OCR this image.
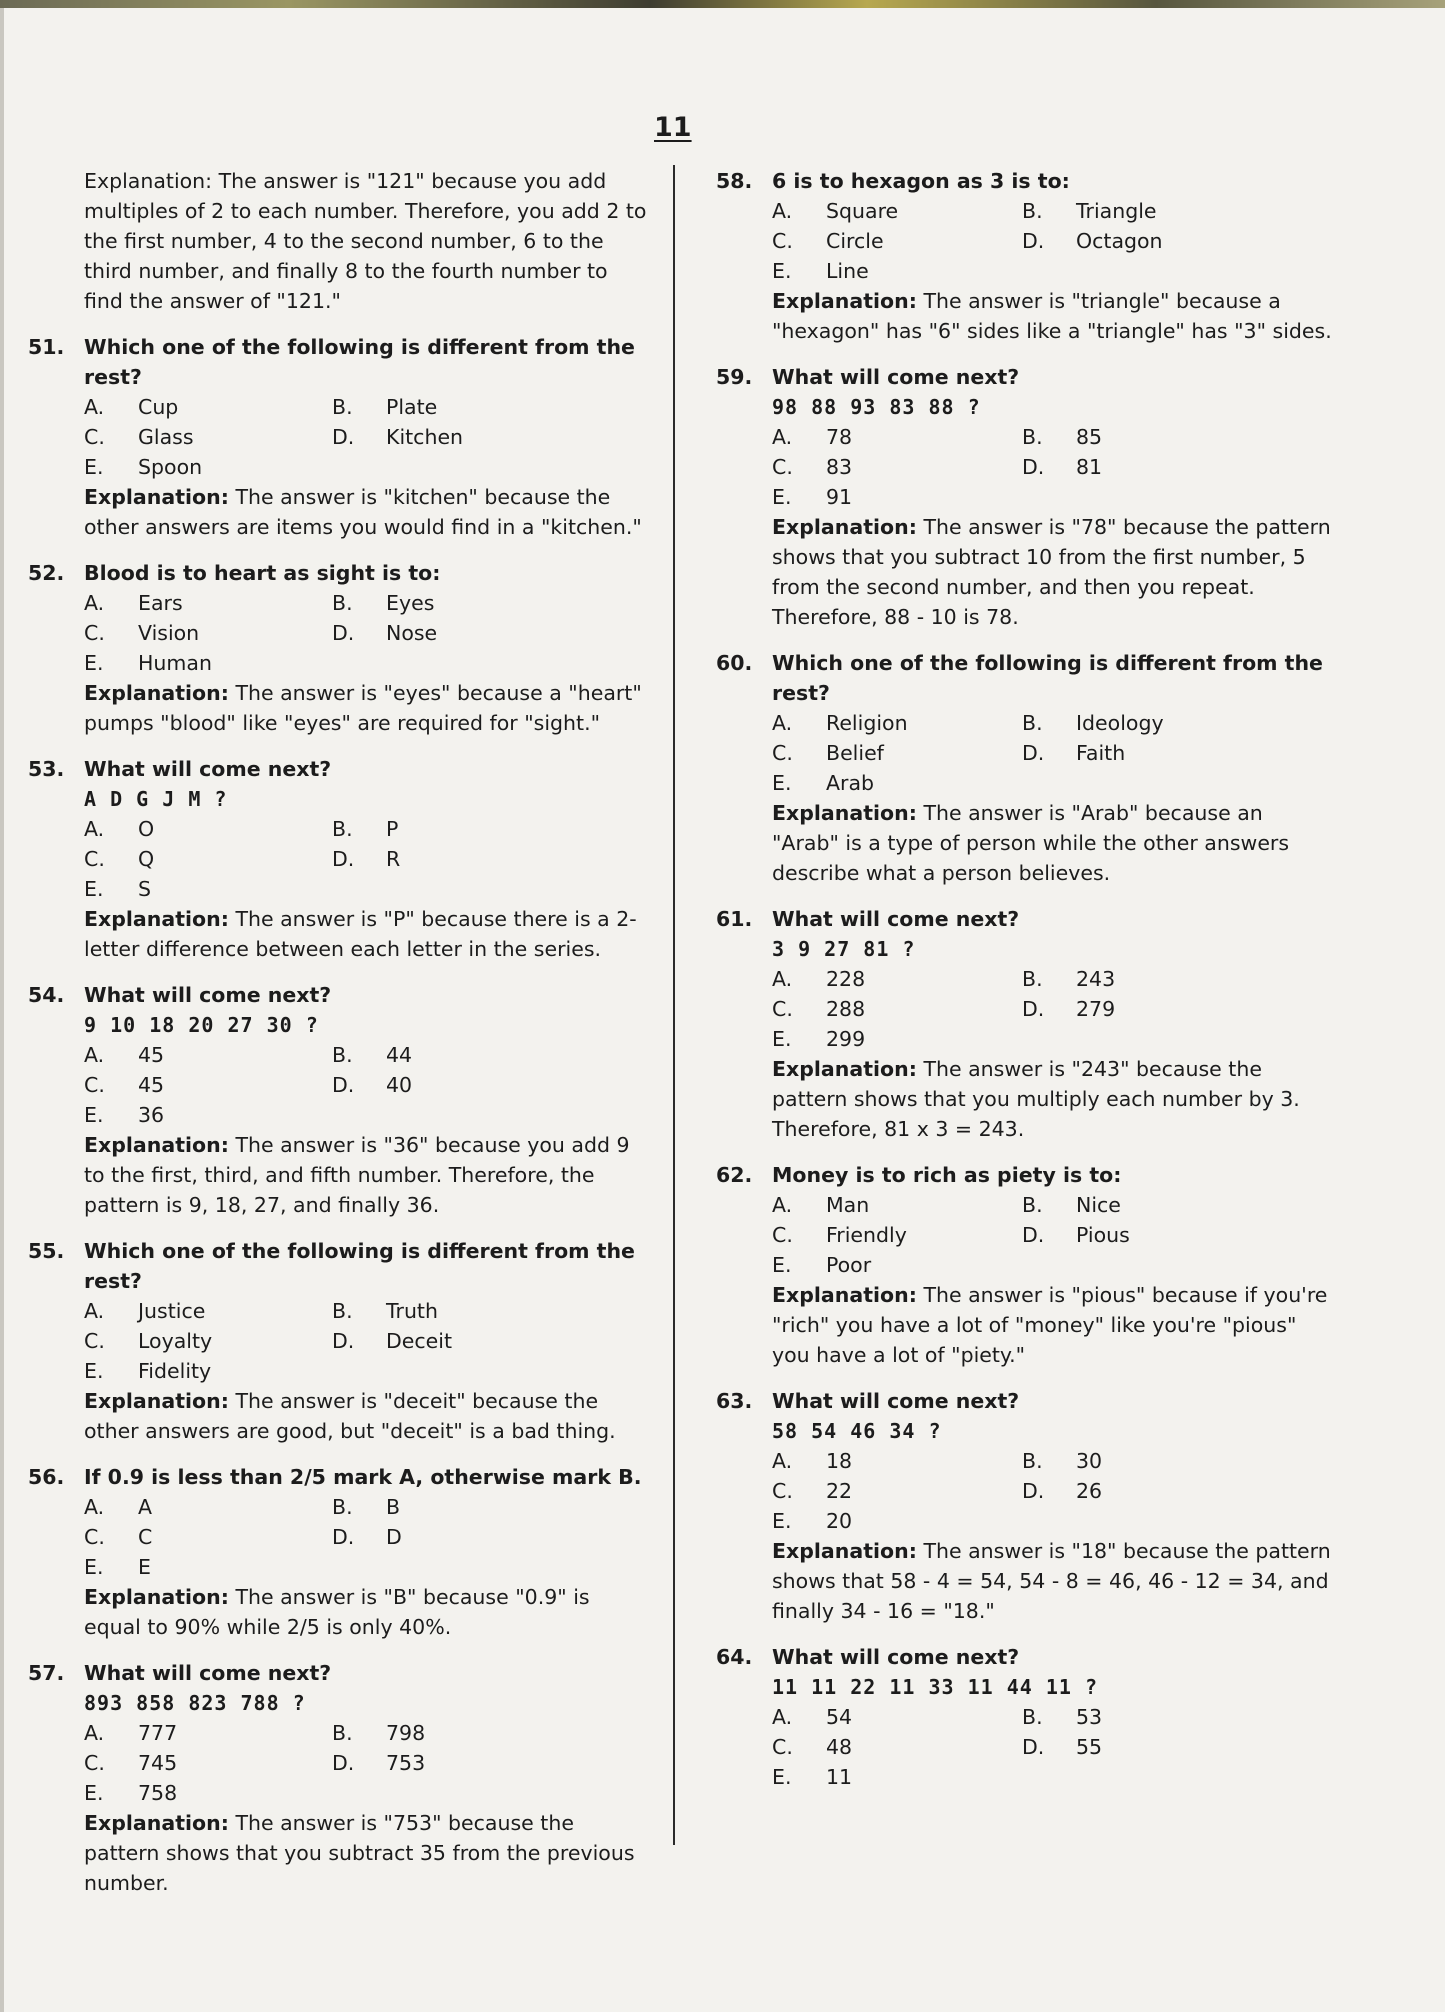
11

Explanation: The answer is "121" because you add multiples of 2 to each number. Therefore, you add 2 to the first number, 4 to the second number, 6 to the third number, and finally 8 to the fourth number to find the answer of "121."

51. Which one of the following is different from the rest?
A.	Cup	B.	Plate
C.	Glass	D.	Kitchen
E.	Spoon
Explanation: The answer is "kitchen" because the other answers are items you would find in a "kitchen."
52. Blood is to heart as sight is to:
A.	Ears	B.	Eyes
C.	Vision	D.	Nose
E.	Human
Explanation: The answer is "eyes" because a "heart" pumps "blood" like "eyes" are required for "sight."
53. What will come next?
A D G J M ?
A.	O	B.	P
C.	Q	D.	R
E.	S
Explanation: The answer is "P" because there is a 2-letter difference between each letter in the series.
54. What will come next?
9 10 18 20 27 30 ?
A.	45	B.	44
C.	45	D.	40
E.	36
Explanation: The answer is "36" because you add 9 to the first, third, and fifth number. Therefore, the pattern is 9, 18, 27, and finally 36.
55. Which one of the following is different from the rest?
A.	Justice	B.	Truth
C.	Loyalty	D.	Deceit
E.	Fidelity
Explanation: The answer is "deceit" because the other answers are good, but "deceit" is a bad thing.
56. If 0.9 is less than 2/5 mark A, otherwise mark B.
A.	A	B.	B
C.	C	D.	D
E.	E
Explanation: The answer is "B" because "0.9" is equal to 90% while 2/5 is only 40%.
57. What will come next?
893 858 823 788 ?
A.	777	B.	798
C.	745	D.	753
E.	758
Explanation: The answer is "753" because the pattern shows that you subtract 35 from the previous number.
58. 6 is to hexagon as 3 is to:
A.	Square	B.	Triangle
C.	Circle	D.	Octagon
E.	Line
Explanation: The answer is "triangle" because a "hexagon" has "6" sides like a "triangle" has "3" sides.
59. What will come next?
98 88 93 83 88 ?
A.	78	B.	85
C.	83	D.	81
E.	91
Explanation: The answer is "78" because the pattern shows that you subtract 10 from the first number, 5 from the second number, and then you repeat. Therefore, 88 - 10 is 78.
60. Which one of the following is different from the rest?
A.	Religion	B.	Ideology
C.	Belief	D.	Faith
E.	Arab
Explanation: The answer is "Arab" because an "Arab" is a type of person while the other answers describe what a person believes.
61. What will come next?
3 9 27 81 ?
A.	228	B.	243
C.	288	D.	279
E.	299
Explanation: The answer is "243" because the pattern shows that you multiply each number by 3. Therefore, 81 x 3 = 243.
62. Money is to rich as piety is to:
A.	Man	B.	Nice
C.	Friendly	D.	Pious
E.	Poor
Explanation: The answer is "pious" because if you're "rich" you have a lot of "money" like you're "pious" you have a lot of "piety."
63. What will come next?
58 54 46 34 ?
A.	18	B.	30
C.	22	D.	26
E.	20
Explanation: The answer is "18" because the pattern shows that 58 - 4 = 54, 54 - 8 = 46, 46 - 12 = 34, and finally 34 - 16 = "18."
64. What will come next?
11 11 22 11 33 11 44 11 ?
A.	54	B.	53
C.	48	D.	55
E.	11
